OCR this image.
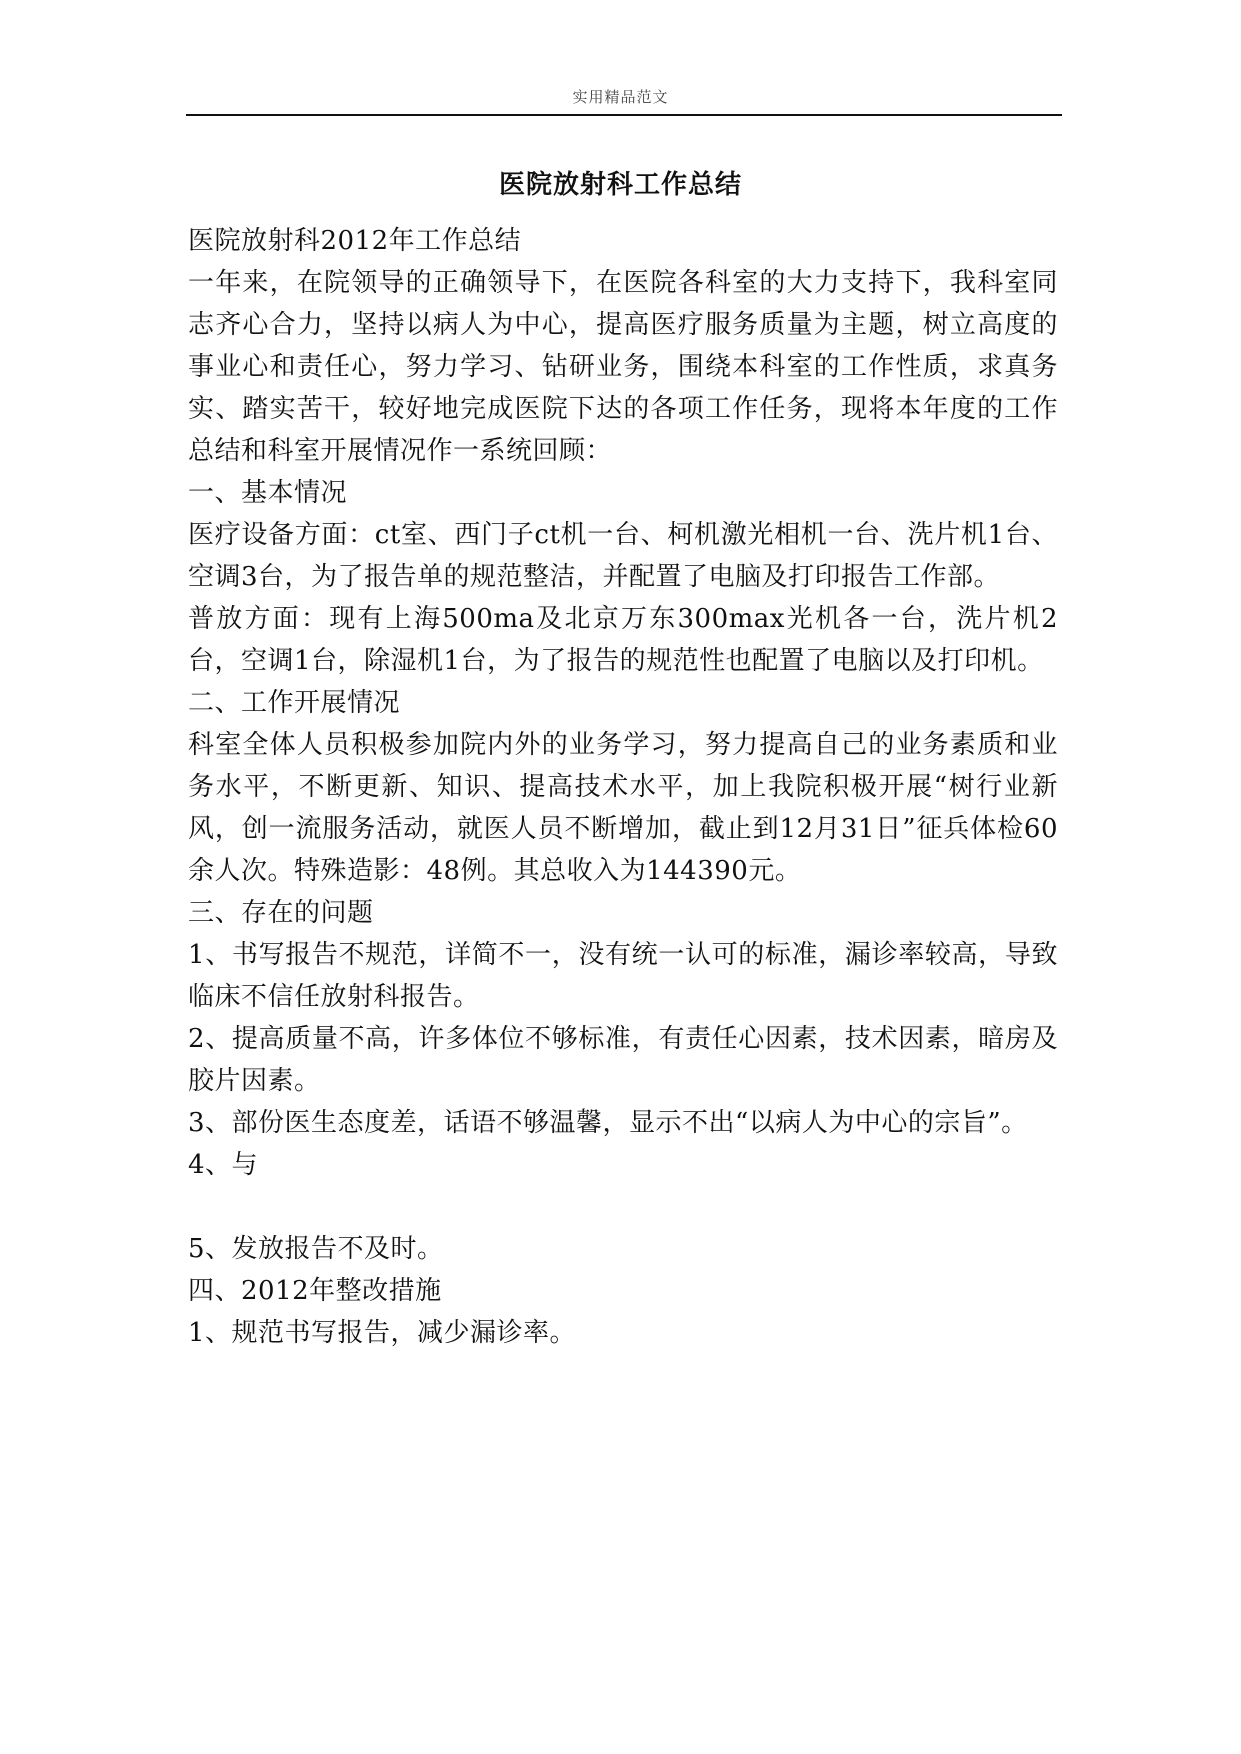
实用精品范文
医院放射科工作总结

医院放射科2012年工作总结

一年来，在院领导的正确领导下，在医院各科室的大力支持下，我科室同志齐心合力，坚持以病人为中心，提高医疗服务质量为主题，树立高度的事业心和责任心，努力学习、钻研业务，围绕本科室的工作性质，求真务实、踏实苦干，较好地完成医院下达的各项工作任务，现将本年度的工作总结和科室开展情况作一系统回顾：

一、基本情况

医疗设备方面：ct室、西门子ct机一台、柯机激光相机一台、洗片机1台、空调3台，为了报告单的规范整洁，并配置了电脑及打印报告工作部。

普放方面：现有上海500ma及北京万东300max光机各一台，洗片机2台，空调1台，除湿机1台，为了报告的规范性也配置了电脑以及打印机。

二、工作开展情况

科室全体人员积极参加院内外的业务学习，努力提高自己的业务素质和业务水平，不断更新、知识、提高技术水平，加上我院积极开展“树行业新风，创一流服务活动，就医人员不断增加，截止到12月31日”征兵体检60余人次。特殊造影：48例。其总收入为144390元。

三、存在的问题

1、书写报告不规范，详简不一，没有统一认可的标准，漏诊率较高，导致临床不信任放射科报告。

2、提高质量不高，许多体位不够标准，有责任心因素，技术因素，暗房及胶片因素。

3、部份医生态度差，话语不够温馨，显示不出“以病人为中心的宗旨”。

4、与

5、发放报告不及时。

四、2012年整改措施

1、规范书写报告，减少漏诊率。
